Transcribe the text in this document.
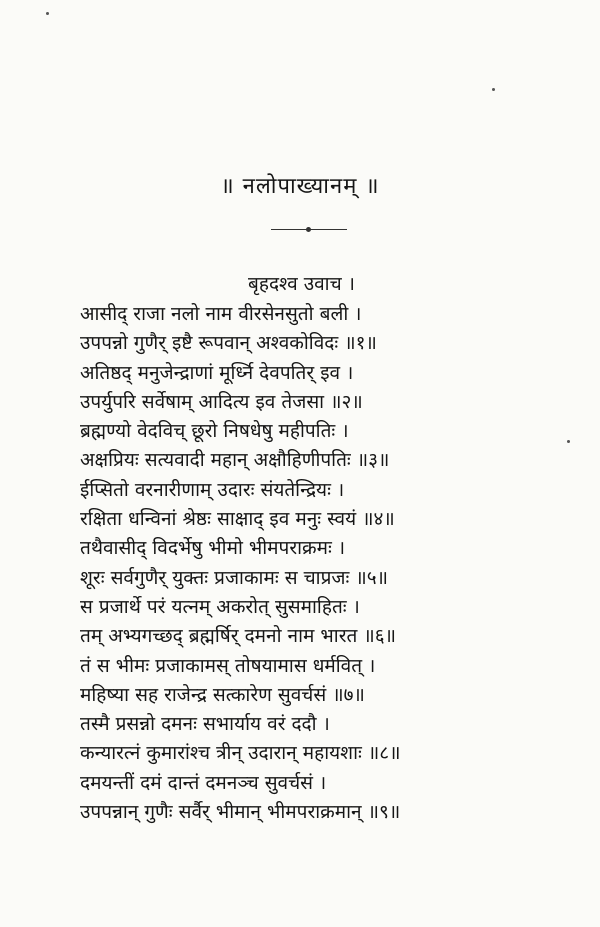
॥ नलोपाख्यानम् ॥
बृहदश्व उवाच ।
आसीद् राजा नलो नाम वीरसेनसुतो बली ।
उपपन्नो गुणैर् इष्टै रूपवान् अश्वकोविदः ॥१॥
अतिष्ठद् मनुजेन्द्राणां मूर्ध्नि देवपतिर् इव ।
उपर्युपरि सर्वेषाम् आदित्य इव तेजसा ॥२॥
ब्रह्मण्यो वेदविच् छूरो निषधेषु महीपतिः ।
अक्षप्रियः सत्यवादी महान् अक्षौहिणीपतिः ॥३॥
ईप्सितो वरनारीणाम् उदारः संयतेन्द्रियः ।
रक्षिता धन्विनां श्रेष्ठः साक्षाद् इव मनुः स्वयं ॥४॥
तथैवासीद् विदर्भेषु भीमो भीमपराक्रमः ।
शूरः सर्वगुणैर् युक्तः प्रजाकामः स चाप्रजः ॥५॥
स प्रजार्थे परं यत्नम् अकरोत् सुसमाहितः ।
तम् अभ्यगच्छद् ब्रह्मर्षिर् दमनो नाम भारत ॥६॥
तं स भीमः प्रजाकामस् तोषयामास धर्मवित् ।
महिष्या सह राजेन्द्र सत्कारेण सुवर्चसं ॥७॥
तस्मै प्रसन्नो दमनः सभार्याय वरं ददौ ।
कन्यारत्नं कुमारांश्च त्रीन् उदारान् महायशाः ॥८॥
दमयन्तीं दमं दान्तं दमनञ्च सुवर्चसं ।
उपपन्नान् गुणैः सर्वैर् भीमान् भीमपराक्रमान् ॥९॥
